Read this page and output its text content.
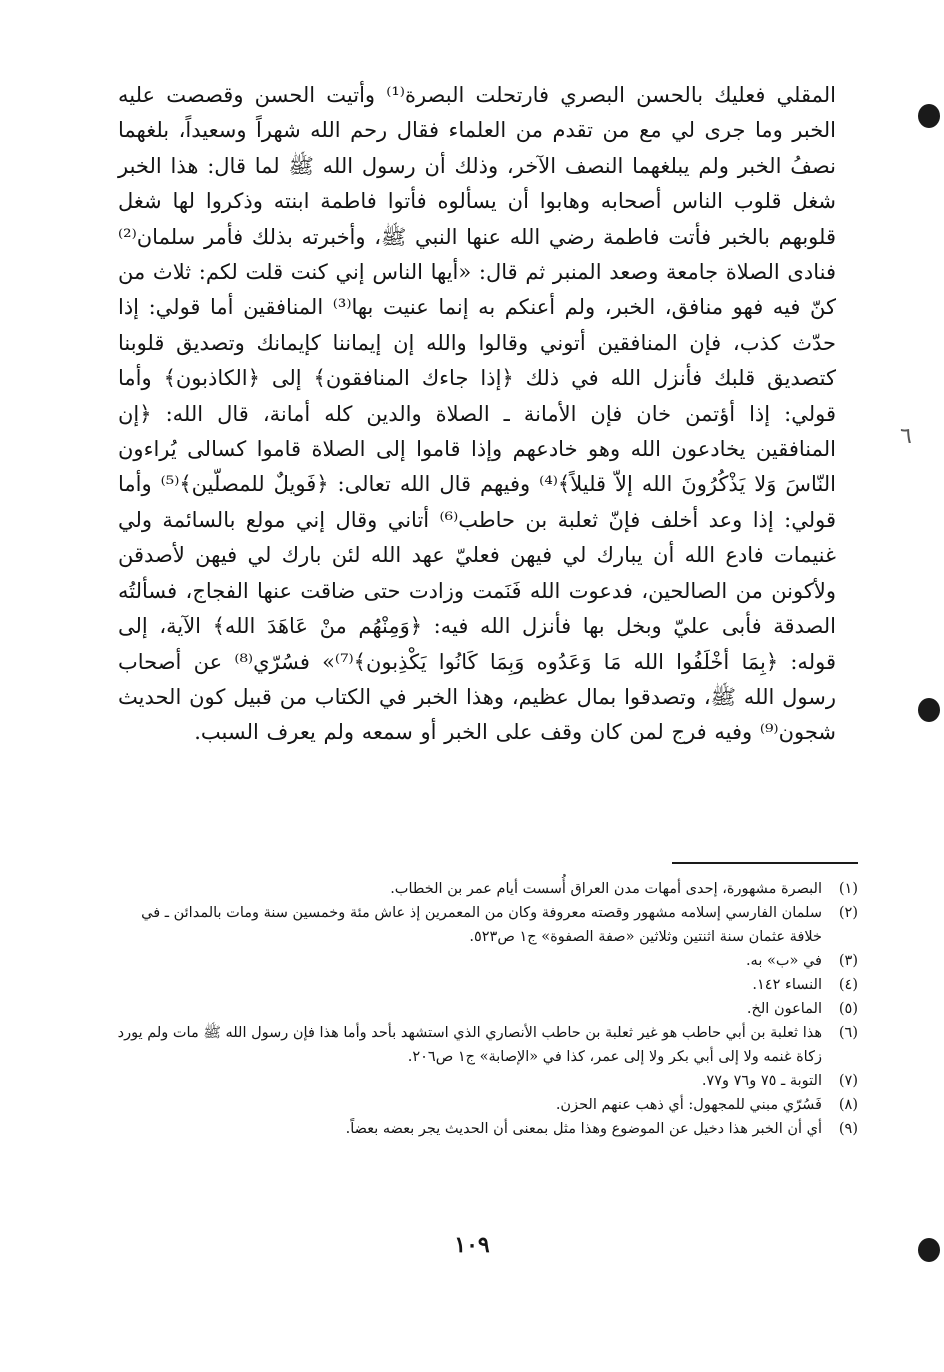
٦

المقلي فعليك بالحسن البصري فارتحلت البصرة⁽¹⁾ وأتيت الحسن وقصصت عليه الخبر وما جرى لي مع من تقدم من العلماء فقال رحم الله شهراً وسعيداً، بلغهما نصفُ الخبر ولم يبلغهما النصف الآخر، وذلك أن رسول الله ﷺ لما قال: هذا الخبر شغل قلوب الناس أصحابه وهابوا أن يسألوه فأتوا فاطمة ابنته وذكروا لها شغل قلوبهم بالخبر فأتت فاطمة رضي الله عنها النبي ﷺ، وأخبرته بذلك فأمر سلمان⁽²⁾ فنادى الصلاة جامعة وصعد المنبر ثم قال: «أيها الناس إني كنت قلت لكم: ثلاث من كنّ فيه فهو منافق، الخبر، ولم أعنكم به إنما عنيت بها⁽³⁾ المنافقين أما قولي: إذا حدّث كذب، فإن المنافقين أتوني وقالوا والله إن إيماننا كإيمانك وتصديق قلوبنا كتصديق قلبك فأنزل الله في ذلك ﴿إذا جاءك المنافقون﴾ إلى ﴿الكاذبون﴾ وأما قولي: إذا أؤتمن خان فإن الأمانة ـ الصلاة والدين كله أمانة، قال الله: ﴿إن المنافقين يخادعون الله وهو خادعهم وإذا قاموا إلى الصلاة قاموا كسالى يُراءون النّاسَ وَلا يَذْكُرُونَ الله إلاّ قليلاً﴾⁽⁴⁾ وفيهم قال الله تعالى: ﴿فَويلٌ للمصلّين﴾⁽⁵⁾ وأما قولي: إذا وعد أخلف فإنّ ثعلبة بن حاطب⁽⁶⁾ أتاني وقال إني مولع بالسائمة ولي غنيمات فادع الله أن يبارك لي فيهن فعليّ عهد الله لئن بارك لي فيهن لأصدقن ولأكونن من الصالحين، فدعوت الله فَنَمت وزادت حتى ضاقت عنها الفجاج، فسألتُه الصدقة فأبى عليّ وبخل بها فأنزل الله فيه: ﴿وَمِنْهُم منْ عَاهَدَ الله﴾ الآية، إلى قوله: ﴿بِمَا أخْلَفُوا الله مَا وَعَدُوه وَبِمَا كَانُوا يَكْذِبون﴾⁽⁷⁾» فسُرّي⁽⁸⁾ عن أصحاب رسول الله ﷺ، وتصدقوا بمال عظيم، وهذا الخبر في الكتاب من قبيل كون الحديث شجون⁽⁹⁾ وفيه فرج لمن كان وقف على الخبر أو سمعه ولم يعرف السبب.

(١)
البصرة مشهورة، إحدى أمهات مدن العراق أُسست أيام عمر بن الخطاب.
(٢)
سلمان الفارسي إسلامه مشهور وقصته معروفة وكان من المعمرين إذ عاش مئة وخمسين سنة ومات بالمدائن ـ في خلافة عثمان سنة اثنتين وثلاثين «صفة الصفوة» ج١ ص٥٢٣.
(٣)
في «ب» به.
(٤)
النساء ١٤٢.
(٥)
الماعون الخ.
(٦)
هذا ثعلبة بن أبي حاطب هو غير ثعلبة بن حاطب الأنصاري الذي استشهد بأحد وأما هذا فإن رسول الله ﷺ مات ولم يورد زكاة غنمه ولا إلى أبي بكر ولا إلى عمر، كذا في «الإصابة» ج١ ص٢٠٦.
(٧)
التوبة ـ ٧٥ و٧٦ و٧٧.
(٨)
فَسُرّي مبني للمجهول: أي ذهب عنهم الحزن.
(٩)
أي أن الخبر هذا دخيل عن الموضوع وهذا مثل بمعنى أن الحديث يجر بعضه بعضاً.
١٠٩
